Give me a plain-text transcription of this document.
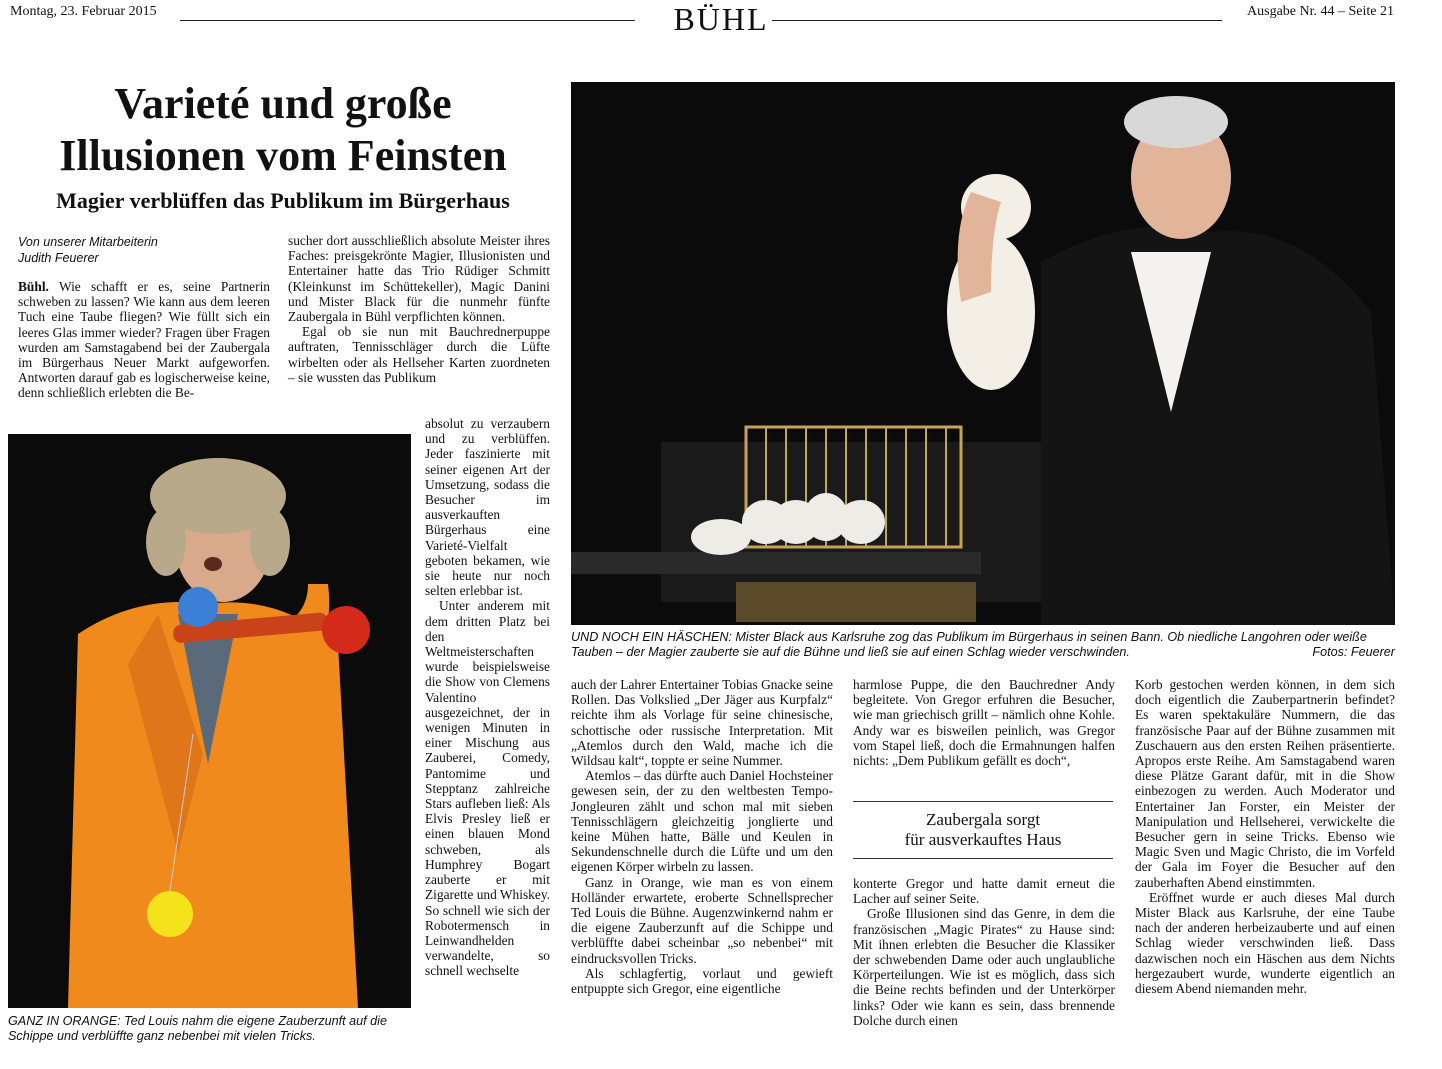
Montag, 23. Februar 2015	BÜHL	Ausgabe Nr. 44 – Seite 21
Varieté und große
Illusionen vom Feinsten
Magier verblüffen das Publikum im Bürgerhaus
Von unserer Mitarbeiterin
Judith Feuerer

Bühl. Wie schafft er es, seine Partnerin schweben zu lassen? Wie kann aus dem leeren Tuch eine Taube fliegen? Wie füllt sich ein leeres Glas immer wieder? Fragen über Fragen wurden am Samstagabend bei der Zaubergala im Bürgerhaus Neuer Markt aufgeworfen. Antworten darauf gab es logischerweise keine, denn schließlich erlebten die Be-

sucher dort ausschließlich absolute Meister ihres Faches: preisgekrönte Magier, Illusionisten und Entertainer hatte das Trio Rüdiger Schmitt (Kleinkunst im Schüttekeller), Magic Danini und Mister Black für die nunmehr fünfte Zaubergala in Bühl verpflichten können.

Egal ob sie nun mit Bauchrednerpuppe auftraten, Tennisschläger durch die Lüfte wirbelten oder als Hellseher Karten zuordneten – sie wussten das Publikum

absolut zu verzaubern und zu verblüffen. Jeder faszinierte mit seiner eigenen Art der Umsetzung, sodass die Besucher im ausverkauften Bürgerhaus eine Varieté-Vielfalt geboten bekamen, wie sie heute nur noch selten erlebbar ist.

Unter anderem mit dem dritten Platz bei den Weltmeisterschaften wurde beispielsweise die Show von Clemens Valentino ausgezeichnet, der in wenigen Minuten in einer Mischung aus Zauberei, Comedy, Pantomime und Stepptanz zahlreiche Stars aufleben ließ: Als Elvis Presley ließ er einen blauen Mond schweben, als Humphrey Bogart zauberte er mit Zigarette und Whiskey. So schnell wie sich der Robotermensch in Leinwandhelden verwandelte, so schnell wechselte

GANZ IN ORANGE: Ted Louis nahm die eigene Zauberzunft auf die Schippe und verblüffte ganz nebenbei mit vielen Tricks.
UND NOCH EIN HÄSCHEN: Mister Black aus Karlsruhe zog das Publikum im Bürgerhaus in seinen Bann. Ob niedliche Langohren oder weiße Tauben – der Magier zauberte sie auf die Bühne und ließ sie auf einen Schlag wieder verschwinden.	Fotos: Feuerer

auch der Lahrer Entertainer Tobias Gnacke seine Rollen. Das Volkslied „Der Jäger aus Kurpfalz“ reichte ihm als Vorlage für seine chinesische, schottische oder russische Interpretation. Mit „Atemlos durch den Wald, mache ich die Wildsau kalt“, toppte er seine Nummer.

Atemlos – das dürfte auch Daniel Hochsteiner gewesen sein, der zu den weltbesten Tempo-Jongleuren zählt und schon mal mit sieben Tennisschlägern gleichzeitig jonglierte und keine Mühen hatte, Bälle und Keulen in Sekundenschnelle durch die Lüfte und um den eigenen Körper wirbeln zu lassen.

Ganz in Orange, wie man es von einem Holländer erwartete, eroberte Schnellsprecher Ted Louis die Bühne. Augenzwinkernd nahm er die eigene Zauberzunft auf die Schippe und verblüffte dabei scheinbar „so nebenbei“ mit eindrucksvollen Tricks.

Als schlagfertig, vorlaut und gewieft entpuppte sich Gregor, eine eigentliche

harmlose Puppe, die den Bauchredner Andy begleitete. Von Gregor erfuhren die Besucher, wie man griechisch grillt – nämlich ohne Kohle. Andy war es bisweilen peinlich, was Gregor vom Stapel ließ, doch die Ermahnungen halfen nichts: „Dem Publikum gefällt es doch“,

Zaubergala sorgt
für ausverkauftes Haus

konterte Gregor und hatte damit erneut die Lacher auf seiner Seite.

Große Illusionen sind das Genre, in dem die französischen „Magic Pirates“ zu Hause sind: Mit ihnen erlebten die Besucher die Klassiker der schwebenden Dame oder auch unglaubliche Körperteilungen. Wie ist es möglich, dass sich die Beine rechts befinden und der Unterkörper links? Oder wie kann es sein, dass brennende Dolche durch einen

Korb gestochen werden können, in dem sich doch eigentlich die Zauberpartnerin befindet? Es waren spektakuläre Nummern, die das französische Paar auf der Bühne zusammen mit Zuschauern aus den ersten Reihen präsentierte. Apropos erste Reihe. Am Samstagabend waren diese Plätze Garant dafür, mit in die Show einbezogen zu werden. Auch Moderator und Entertainer Jan Forster, ein Meister der Manipulation und Hellseherei, verwickelte die Besucher gern in seine Tricks. Ebenso wie Magic Sven und Magic Christo, die im Vorfeld der Gala im Foyer die Besucher auf den zauberhaften Abend einstimmten.

Eröffnet wurde er auch dieses Mal durch Mister Black aus Karlsruhe, der eine Taube nach der anderen herbeizauberte und auf einen Schlag wieder verschwinden ließ. Dass dazwischen noch ein Häschen aus dem Nichts hergezaubert wurde, wunderte eigentlich an diesem Abend niemanden mehr.
